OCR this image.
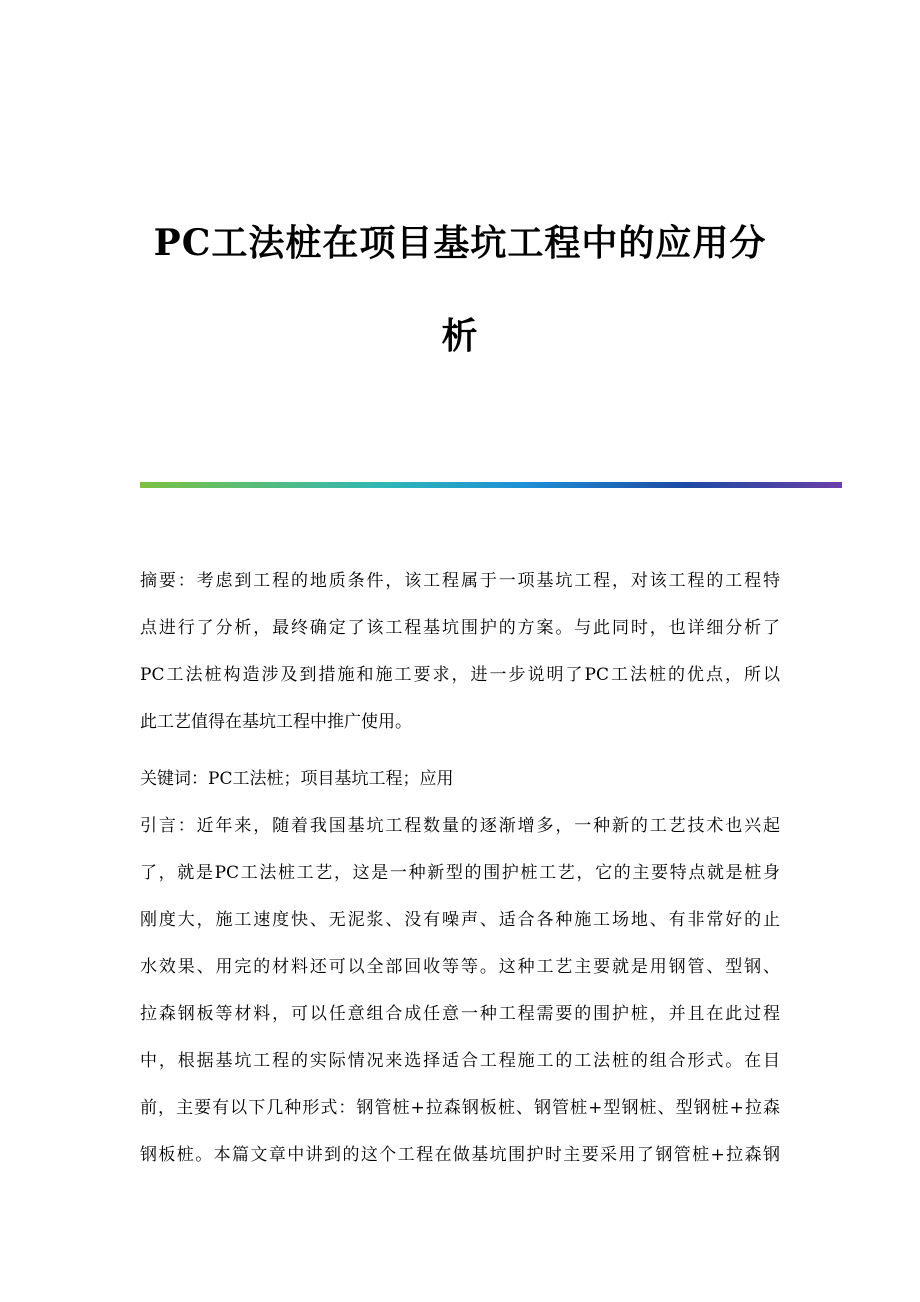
PC工法桩在项目基坑工程中的应用分
析
摘要：考虑到工程的地质条件，该工程属于一项基坑工程，对该工程的工程特
点进行了分析，最终确定了该工程基坑围护的方案。与此同时，也详细分析了
PC工法桩构造涉及到措施和施工要求，进一步说明了PC工法桩的优点，所以
此工艺值得在基坑工程中推广使用。
关键词：PC工法桩；项目基坑工程；应用
引言：近年来，随着我国基坑工程数量的逐渐增多，一种新的工艺技术也兴起
了，就是PC工法桩工艺，这是一种新型的围护桩工艺，它的主要特点就是桩身
刚度大，施工速度快、无泥浆、没有噪声、适合各种施工场地、有非常好的止
水效果、用完的材料还可以全部回收等等。这种工艺主要就是用钢管、型钢、
拉森钢板等材料，可以任意组合成任意一种工程需要的围护桩，并且在此过程
中，根据基坑工程的实际情况来选择适合工程施工的工法桩的组合形式。在目
前，主要有以下几种形式：钢管桩+拉森钢板桩、钢管桩+型钢桩、型钢桩+拉森
钢板桩。本篇文章中讲到的这个工程在做基坑围护时主要采用了钢管桩+拉森钢
